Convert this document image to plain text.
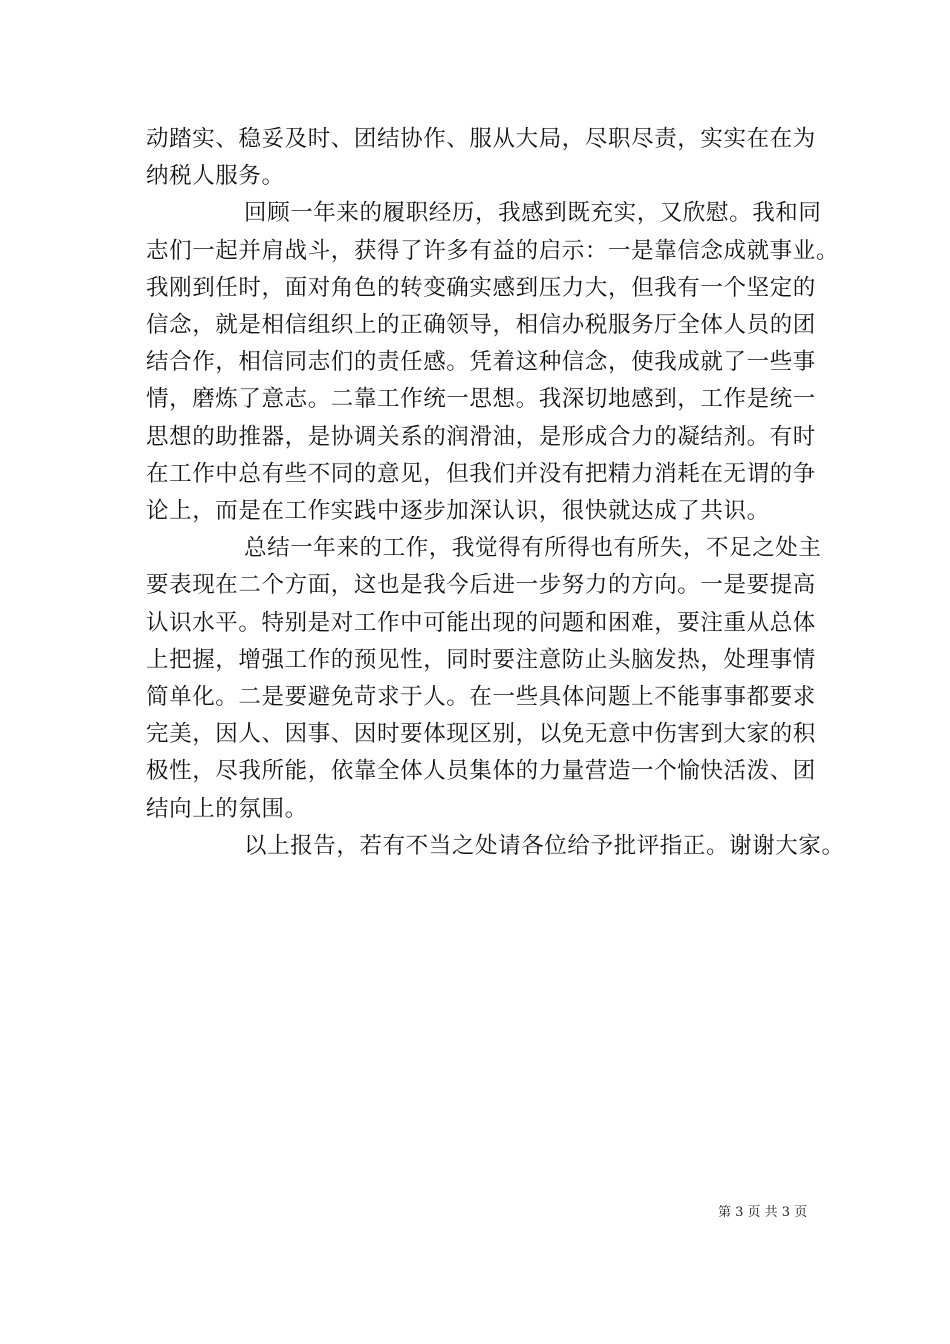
动踏实、稳妥及时、团结协作、服从大局，尽职尽责，实实在在为
纳税人服务。
回顾一年来的履职经历，我感到既充实，又欣慰。我和同
志们一起并肩战斗，获得了许多有益的启示：一是靠信念成就事业。
我刚到任时，面对角色的转变确实感到压力大，但我有一个坚定的
信念，就是相信组织上的正确领导，相信办税服务厅全体人员的团
结合作，相信同志们的责任感。凭着这种信念，使我成就了一些事
情，磨炼了意志。二靠工作统一思想。我深切地感到，工作是统一
思想的助推器，是协调关系的润滑油，是形成合力的凝结剂。有时
在工作中总有些不同的意见，但我们并没有把精力消耗在无谓的争
论上，而是在工作实践中逐步加深认识，很快就达成了共识。
总结一年来的工作，我觉得有所得也有所失，不足之处主
要表现在二个方面，这也是我今后进一步努力的方向。一是要提高
认识水平。特别是对工作中可能出现的问题和困难，要注重从总体
上把握，增强工作的预见性，同时要注意防止头脑发热，处理事情
简单化。二是要避免苛求于人。在一些具体问题上不能事事都要求
完美，因人、因事、因时要体现区别，以免无意中伤害到大家的积
极性，尽我所能，依靠全体人员集体的力量营造一个愉快活泼、团
结向上的氛围。
以上报告，若有不当之处请各位给予批评指正。谢谢大家。
第 3 页 共 3 页
